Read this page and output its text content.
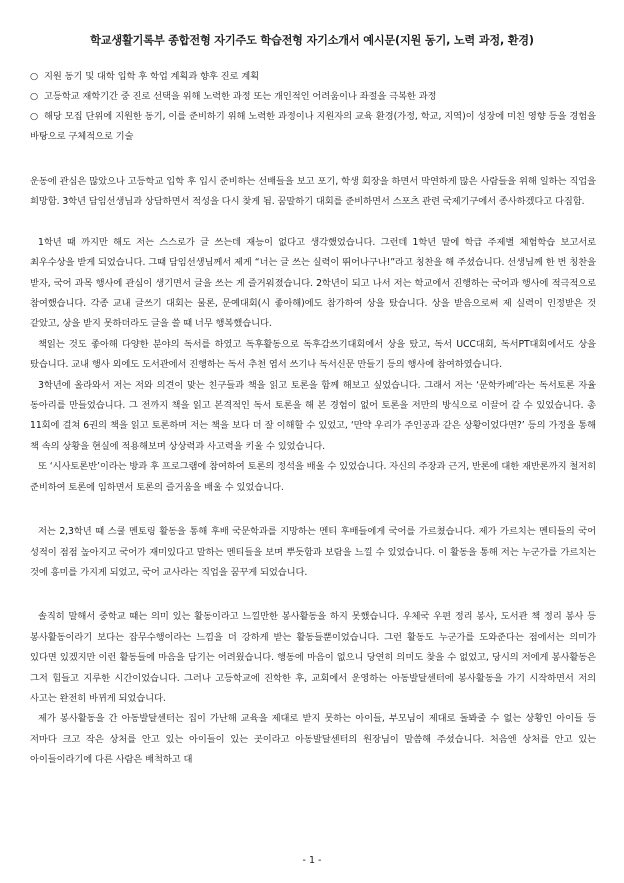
학교생활기록부 종합전형 자기주도 학습전형 자기소개서 예시문(지원 동기, 노력 과정, 환경)

○ 지원 동기 및 대학 입학 후 학업 계획과 향후 진로 계획

○ 고등학교 재학기간 중 진로 선택을 위해 노력한 과정 또는 개인적인 어려움이나 좌절을 극복한 과정

○ 해당 모집 단위에 지원한 동기, 이를 준비하기 위해 노력한 과정이나 지원자의 교육 환경(가정, 학교, 지역)이 성장에 미친 영향 등을 경험을 바탕으로 구체적으로 기술

운동에 관심은 많았으나 고등학교 입학 후 입시 준비하는 선배들을 보고 포기, 학생 회장을 하면서 막연하게 많은 사람들을 위해 일하는 직업을 희망함. 3학년 담임선생님과 상담하면서 적성을 다시 찾게 됨. 꿈말하기 대회를 준비하면서 스포츠 관련 국제기구에서 종사하겠다고 다짐함.

1학년 때 까지만 해도 저는 스스로가 글 쓰는데 재능이 없다고 생각했었습니다. 그런데 1학년 말에 학급 주제별 체험학습 보고서로 최우수상을 받게 되었습니다. 그때 담임선생님께서 제게 “너는 글 쓰는 실력이 뛰어나구나!”라고 칭찬을 해 주셨습니다. 선생님께 한 번 칭찬을 받자, 국어 과목 행사에 관심이 생기면서 글을 쓰는 게 즐거워졌습니다. 2학년이 되고 나서 저는 학교에서 진행하는 국어과 행사에 적극적으로 참여했습니다. 각종 교내 글쓰기 대회는 물론, 문예대회(시 좋아해)에도 참가하여 상을 탔습니다. 상을 받음으로써 제 실력이 인정받은 것 같았고, 상을 받지 못하더라도 글을 쓸 때 너무 행복했습니다.

책읽는 것도 좋아해 다양한 분야의 독서를 하였고 독후활동으로 독후감쓰기대회에서 상을 탔고, 독서 UCC대회, 독서PT대회에서도 상을 탔습니다. 교내 행사 외에도 도서관에서 진행하는 독서 추천 엽서 쓰기나 독서신문 만들기 등의 행사에 참여하였습니다.

3학년에 올라와서 저는 저와 의견이 맞는 친구들과 책을 읽고 토론을 함께 해보고 싶었습니다. 그래서 저는 ‘문학카페’라는 독서토론 자율 동아리를 만들었습니다. 그 전까지 책을 읽고 본격적인 독서 토론을 해 본 경험이 없어 토론을 저만의 방식으로 이끌어 갈 수 있었습니다. 총 11회에 걸쳐 6권의 책을 읽고 토론하며 저는 책을 보다 더 잘 이해할 수 있었고, ‘만약 우리가 주인공과 같은 상황이었다면?’ 등의 가정을 통해 책 속의 상황을 현실에 적용해보며 상상력과 사고력을 키울 수 있었습니다.

또 ‘시사토론반’이라는 방과 후 프로그램에 참여하여 토론의 정석을 배울 수 있었습니다. 자신의 주장과 근거, 반론에 대한 재반론까지 철저히 준비하여 토론에 임하면서 토론의 즐거움을 배울 수 있었습니다.

저는 2,3학년 때 스쿨 멘토링 활동을 통해 후배 국문학과를 지망하는 멘티 후배들에게 국어를 가르쳤습니다. 제가 가르치는 멘티들의 국어 성적이 점점 높아지고 국어가 재미있다고 말하는 멘티들을 보며 뿌듯함과 보람을 느낄 수 있었습니다. 이 활동을 통해 저는 누군가를 가르치는 것에 흥미를 가지게 되었고, 국어 교사라는 직업을 꿈꾸게 되었습니다.

솔직히 말해서 중학교 때는 의미 있는 활동이라고 느낄만한 봉사활동을 하지 못했습니다. 우체국 우편 정리 봉사, 도서관 책 정리 봉사 등 봉사활동이라기 보다는 잡무수행이라는 느낌을 더 강하게 받는 활동들뿐이었습니다. 그런 활동도 누군가를 도와준다는 점에서는 의미가 있다면 있겠지만 이런 활동들에 마음을 담기는 어려웠습니다. 행동에 마음이 없으니 당연히 의미도 찾을 수 없었고, 당시의 저에게 봉사활동은 그저 힘들고 지루한 시간이었습니다. 그러나 고등학교에 진학한 후, 교회에서 운영하는 아동발달센터에 봉사활동을 가기 시작하면서 저의 사고는 완전히 바뀌게 되었습니다.

제가 봉사활동을 간 아동발달센터는 집이 가난해 교육을 제대로 받지 못하는 아이들, 부모님이 제대로 돌봐줄 수 없는 상황인 아이들 등 저마다 크고 작은 상처를 안고 있는 아이들이 있는 곳이라고 아동발달센터의 원장님이 말씀해 주셨습니다. 처음엔 상처를 안고 있는 아이들이라기에 다른 사람은 배척하고 대

- 1 -
